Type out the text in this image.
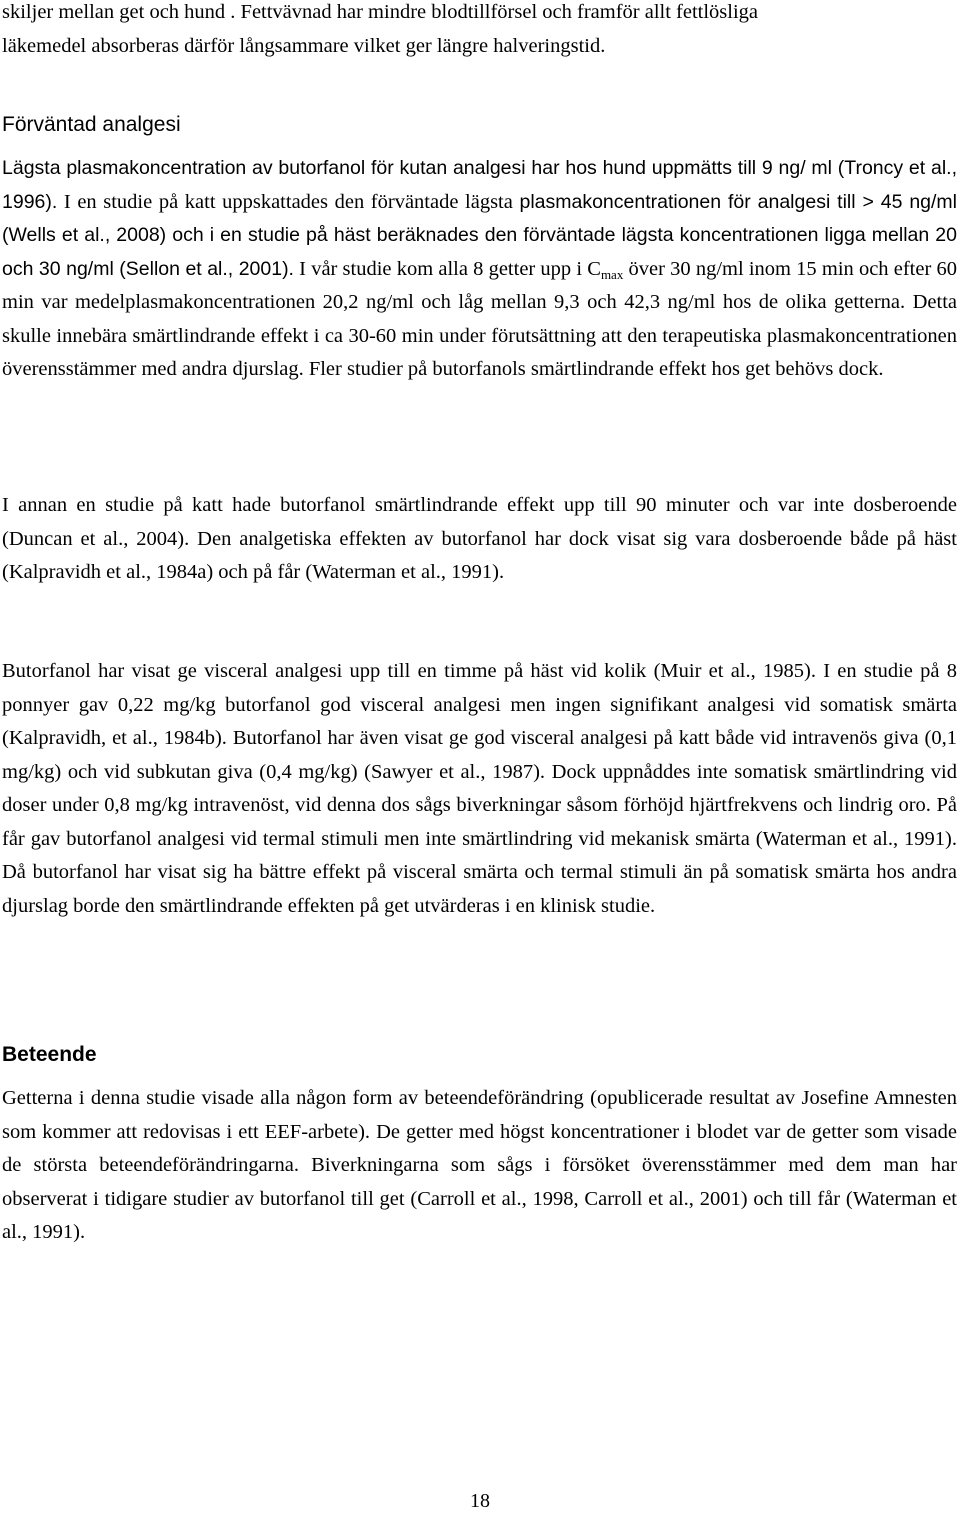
skiljer mellan get och hund . Fettvävnad har mindre blodtillförsel och framför allt fettlösliga
läkemedel absorberas därför långsammare vilket ger längre halveringstid.

Förväntad analgesi

Lägsta plasmakoncentration av butorfanol för kutan analgesi har hos hund uppmätts till 9 ng/ ml (Troncy et al., 1996). I en studie på katt uppskattades den förväntade lägsta plasmakoncentrationen för analgesi till > 45 ng/ml (Wells et al., 2008) och i en studie på häst beräknades den förväntade lägsta koncentrationen ligga mellan 20 och 30 ng/ml (Sellon et al., 2001). I vår studie kom alla 8 getter upp i $C_{max}$ över 30 ng/ml inom 15 min och efter 60 min var medelplasmakoncentrationen 20,2 ng/ml och låg mellan 9,3 och 42,3 ng/ml hos de olika getterna. Detta skulle innebära smärtlindrande effekt i ca 30-60 min under förutsättning att den terapeutiska plasmakoncentrationen överensstämmer med andra djurslag. Fler studier på butorfanols smärtlindrande effekt hos get behövs dock.

I annan en studie på katt hade butorfanol smärtlindrande effekt upp till 90 minuter och var inte dosberoende (Duncan et al., 2004). Den analgetiska effekten av butorfanol har dock visat sig vara dosberoende både på häst (Kalpravidh et al., 1984a) och på får (Waterman et al., 1991).

Butorfanol har visat ge visceral analgesi upp till en timme på häst vid kolik (Muir et al., 1985). I en studie på 8 ponnyer gav 0,22 mg/kg butorfanol god visceral analgesi men ingen signifikant analgesi vid somatisk smärta (Kalpravidh, et al., 1984b). Butorfanol har även visat ge god visceral analgesi på katt både vid intravenös giva (0,1 mg/kg) och vid subkutan giva (0,4 mg/kg) (Sawyer et al., 1987). Dock uppnåddes inte somatisk smärtlindring vid doser under 0,8 mg/kg intravenöst, vid denna dos sågs biverkningar såsom förhöjd hjärtfrekvens och lindrig oro. På får gav butorfanol analgesi vid termal stimuli men inte smärtlindring vid mekanisk smärta (Waterman et al., 1991). Då butorfanol har visat sig ha bättre effekt på visceral smärta och termal stimuli än på somatisk smärta hos andra djurslag borde den smärtlindrande effekten på get utvärderas i en klinisk studie.

Beteende

Getterna i denna studie visade alla någon form av beteendeförändring (opublicerade resultat av Josefine Amnesten som kommer att redovisas i ett EEF-arbete). De getter med högst koncentrationer i blodet var de getter som visade de största beteendeförändringarna. Biverkningarna som sågs i försöket överensstämmer med dem man har observerat i tidigare studier av butorfanol till get (Carroll et al., 1998, Carroll et al., 2001) och till får (Waterman et al., 1991).

18
